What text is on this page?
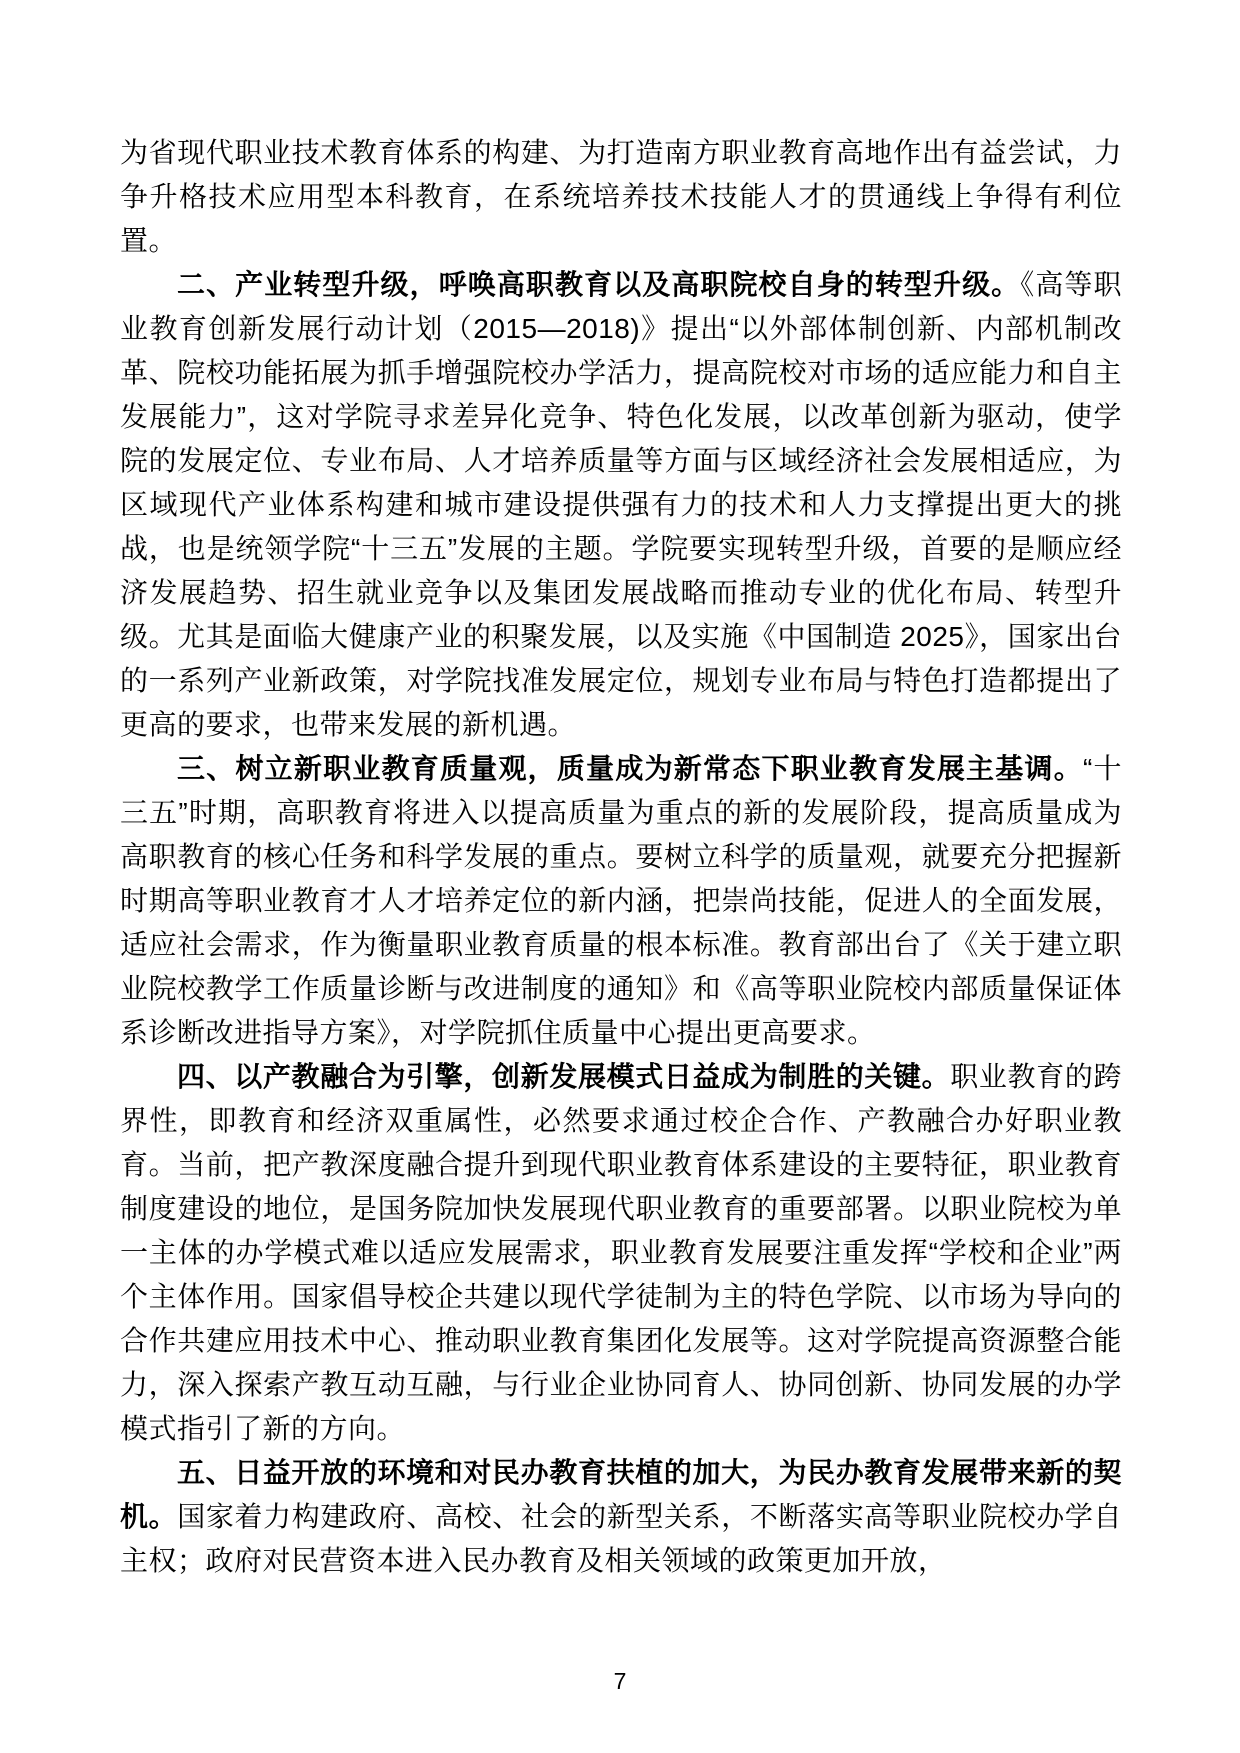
为省现代职业技术教育体系的构建、为打造南方职业教育高地作出有益尝试，力争升格技术应用型本科教育，在系统培养技术技能人才的贯通线上争得有利位置。

二、产业转型升级，呼唤高职教育以及高职院校自身的转型升级。《高等职业教育创新发展行动计划（2015—2018)》提出“以外部体制创新、内部机制改革、院校功能拓展为抓手增强院校办学活力，提高院校对市场的适应能力和自主发展能力”，这对学院寻求差异化竞争、特色化发展，以改革创新为驱动，使学院的发展定位、专业布局、人才培养质量等方面与区域经济社会发展相适应，为区域现代产业体系构建和城市建设提供强有力的技术和人力支撑提出更大的挑战，也是统领学院“十三五”发展的主题。学院要实现转型升级，首要的是顺应经济发展趋势、招生就业竞争以及集团发展战略而推动专业的优化布局、转型升级。尤其是面临大健康产业的积聚发展，以及实施《中国制造 2025》，国家出台的一系列产业新政策，对学院找准发展定位，规划专业布局与特色打造都提出了更高的要求，也带来发展的新机遇。

三、树立新职业教育质量观，质量成为新常态下职业教育发展主基调。“十三五”时期，高职教育将进入以提高质量为重点的新的发展阶段，提高质量成为高职教育的核心任务和科学发展的重点。要树立科学的质量观，就要充分把握新时期高等职业教育才人才培养定位的新内涵，把崇尚技能，促进人的全面发展，适应社会需求，作为衡量职业教育质量的根本标准。教育部出台了《关于建立职业院校教学工作质量诊断与改进制度的通知》和《高等职业院校内部质量保证体系诊断改进指导方案》，对学院抓住质量中心提出更高要求。

四、以产教融合为引擎，创新发展模式日益成为制胜的关键。职业教育的跨界性，即教育和经济双重属性，必然要求通过校企合作、产教融合办好职业教育。当前，把产教深度融合提升到现代职业教育体系建设的主要特征，职业教育制度建设的地位，是国务院加快发展现代职业教育的重要部署。以职业院校为单一主体的办学模式难以适应发展需求，职业教育发展要注重发挥“学校和企业”两个主体作用。国家倡导校企共建以现代学徒制为主的特色学院、以市场为导向的合作共建应用技术中心、推动职业教育集团化发展等。这对学院提高资源整合能力，深入探索产教互动互融，与行业企业协同育人、协同创新、协同发展的办学模式指引了新的方向。

五、日益开放的环境和对民办教育扶植的加大，为民办教育发展带来新的契机。国家着力构建政府、高校、社会的新型关系，不断落实高等职业院校办学自主权；政府对民营资本进入民办教育及相关领域的政策更加开放，

7
